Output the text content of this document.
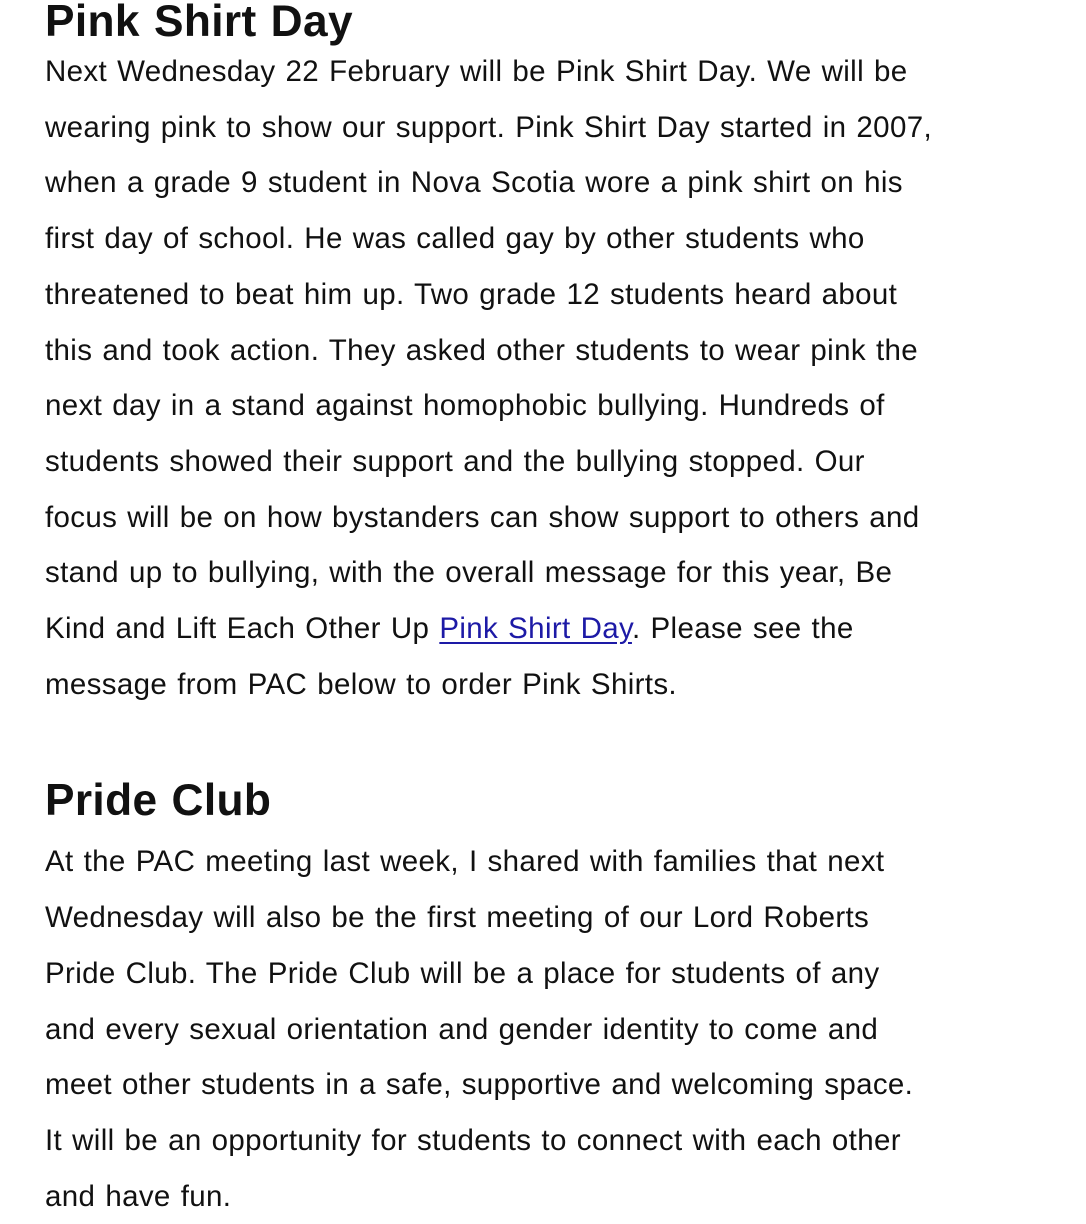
Pink Shirt Day
Next Wednesday 22 February will be Pink Shirt Day. We will be
wearing pink to show our support. Pink Shirt Day started in 2007,
when a grade 9 student in Nova Scotia wore a pink shirt on his
first day of school. He was called gay by other students who
threatened to beat him up. Two grade 12 students heard about
this and took action. They asked other students to wear pink the
next day in a stand against homophobic bullying. Hundreds of
students showed their support and the bullying stopped. Our
focus will be on how bystanders can show support to others and
stand up to bullying, with the overall message for this year, Be
Kind and Lift Each Other Up Pink Shirt Day. Please see the
message from PAC below to order Pink Shirts.
Pride Club
At the PAC meeting last week, I shared with families that next
Wednesday will also be the first meeting of our Lord Roberts
Pride Club. The Pride Club will be a place for students of any
and every sexual orientation and gender identity to come and
meet other students in a safe, supportive and welcoming space.
It will be an opportunity for students to connect with each other
and have fun.
